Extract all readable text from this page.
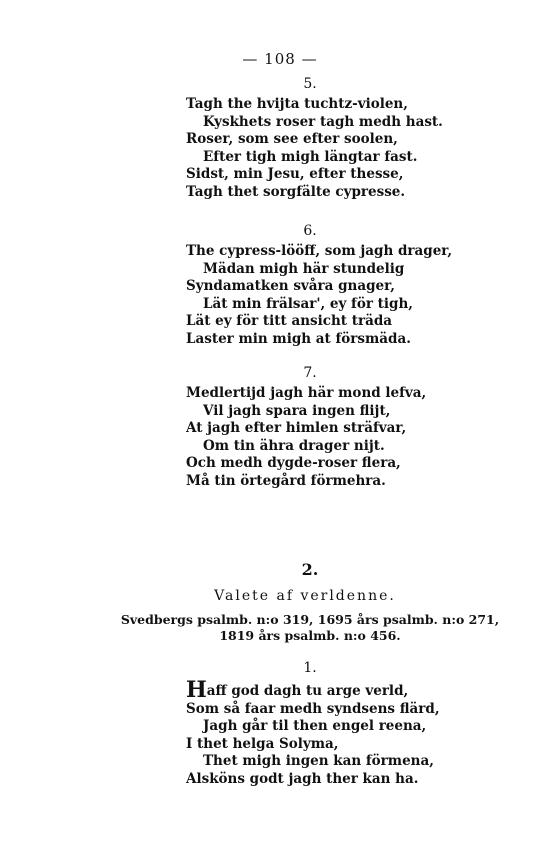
— 108 —
5.
Tagh the hvijta tuchtz-violen,
Kyskhets roser tagh medh hast.
Roser, som see efter soolen,
Efter tigh migh längtar fast.
Sidst, min Jesu, efter thesse,
Tagh thet sorgfälte cypresse.
6.
The cypress-lööff, som jagh drager,
Mädan migh här stundelig
Syndamatken svåra gnager,
Lät min frälsar', ey för tigh,
Lät ey för titt ansicht träda
Laster min migh at försmäda.
7.
Medlertijd jagh här mond lefva,
Vil jagh spara ingen flijt,
At jagh efter himlen sträfvar,
Om tin ähra drager nijt.
Och medh dygde-roser flera,
Må tin örtegård förmehra.
2.
Valete af verldenne.
Svedbergs psalmb. n:o 319, 1695 års psalmb. n:o 271, 1819 års psalmb. n:o 456.
1.
Haff god dagh tu arge verld,
Som så faar medh syndsens flärd,
Jagh går til then engel reena,
I thet helga Solyma,
Thet migh ingen kan förmena,
Alsköns godt jagh ther kan ha.
